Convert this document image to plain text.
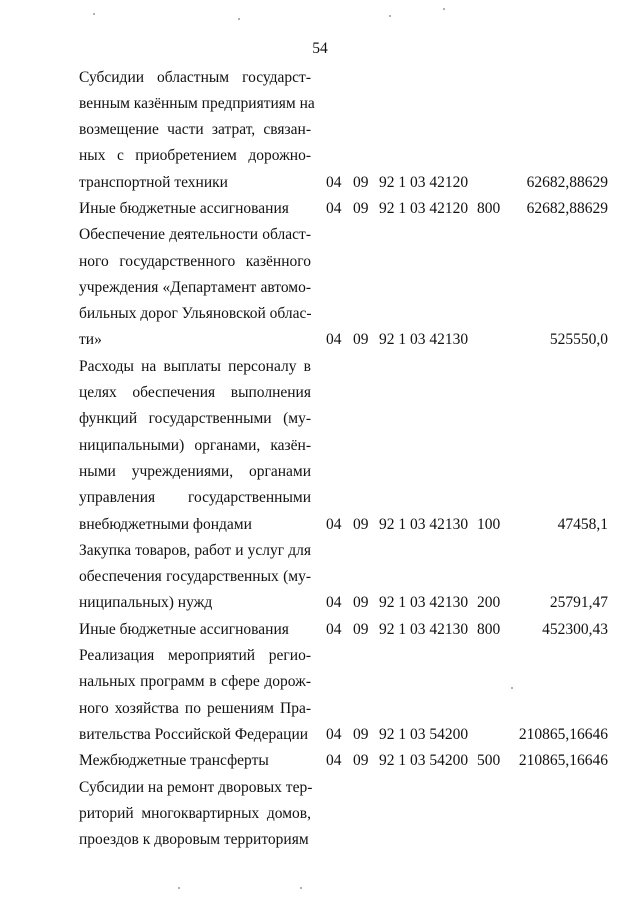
54
Субсидии областным государст-
венным казённым предприятиям на
возмещение части затрат, связан-
ных с приобретением дорожно-
транспортной техники	04 09 92 1 03 42120	62682,88629
Иные бюджетные ассигнования	04 09 92 1 03 42120 800 62682,88629
Обеспечение деятельности област-
ного государственного казённого
учреждения «Департамент автомо-
бильных дорог Ульяновской облас-
ти»	04 09 92 1 03 42130	525550,0
Расходы на выплаты персоналу в
целях обеспечения выполнения
функций государственными (му-
ниципальными) органами, казён-
ными учреждениями, органами
управления государственными
внебюджетными фондами	04 09 92 1 03 42130 100	47458,1
Закупка товаров, работ и услуг для
обеспечения государственных (му-
ниципальных) нужд	04 09 92 1 03 42130 200	25791,47
Иные бюджетные ассигнования	04 09 92 1 03 42130 800	452300,43
Реализация мероприятий регио-
нальных программ в сфере дорож-
ного хозяйства по решениям Пра-
вительства Российской Федерации 04 09 92 1 03 54200	210865,16646
Межбюджетные трансферты	04 09 92 1 03 54200 500 210865,16646
Субсидии на ремонт дворовых тер-
риторий многоквартирных домов,
проездов к дворовым территориям
